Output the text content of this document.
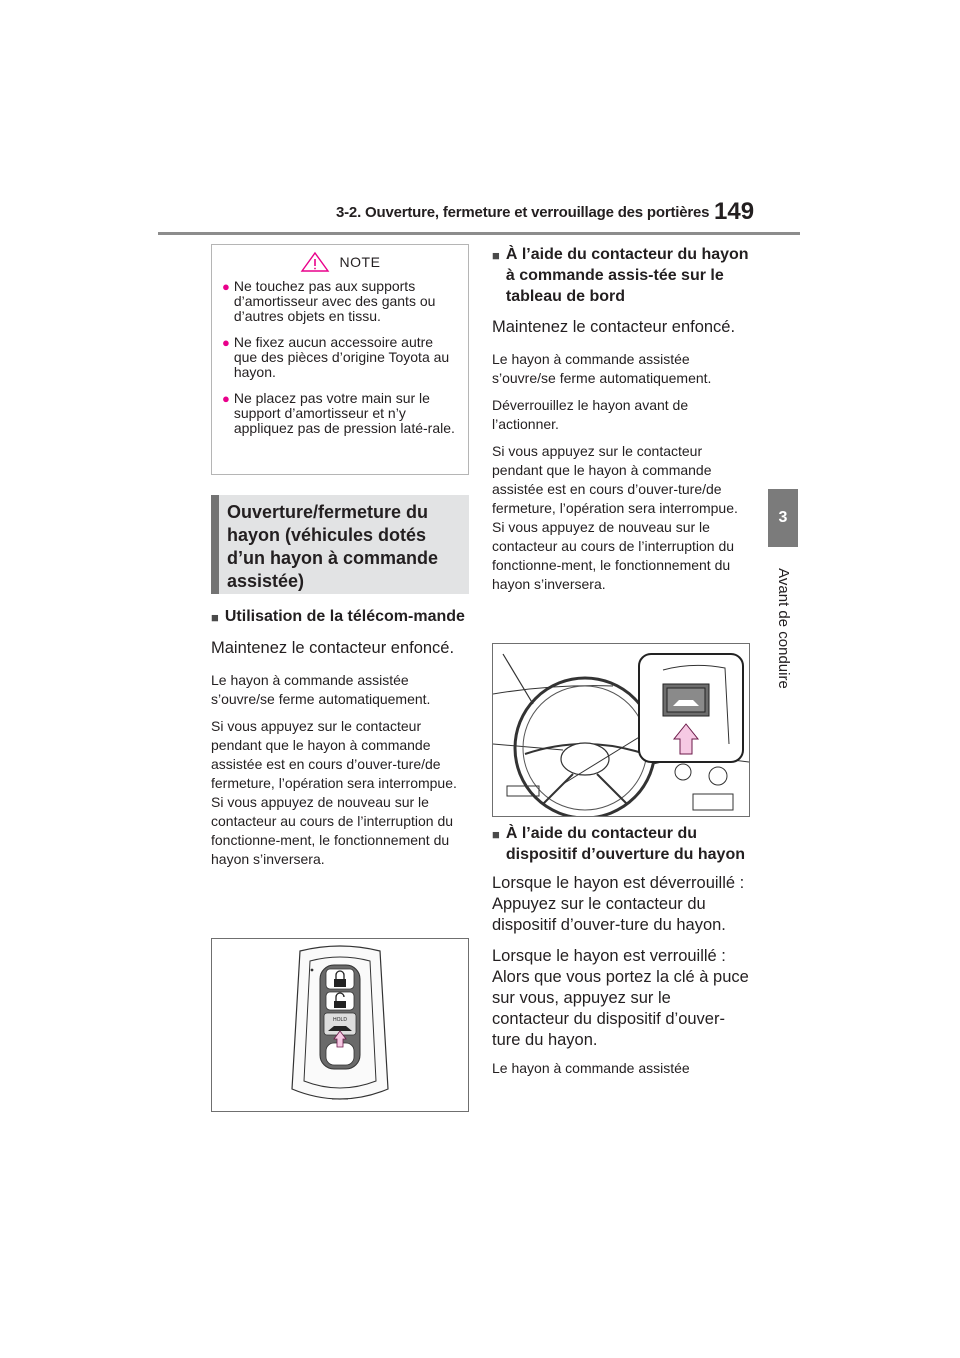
3-2. Ouverture, fermeture et verrouillage des portières 149
3
Avant de conduire
NOTE
● Ne touchez pas aux supports d’amortisseur avec des gants ou d’autres objets en tissu.
● Ne fixez aucun accessoire autre que des pièces d’origine Toyota au hayon.
● Ne placez pas votre main sur le support d’amortisseur et n’y appliquez pas de pression laté-rale.
Ouverture/fermeture du hayon (véhicules dotés d’un hayon à commande assistée)
■ Utilisation de la télécom-mande
Maintenez le contacteur enfoncé.
Le hayon à commande assistée s’ouvre/se ferme automatiquement.
Si vous appuyez sur le contacteur pendant que le hayon à commande assistée est en cours d’ouver-ture/de fermeture, l’opération sera interrompue. Si vous appuyez de nouveau sur le contacteur au cours de l’interruption du fonctionne-ment, le fonctionnement du hayon s’inversera.
HOLD
■ À l’aide du contacteur du hayon à commande assis-tée sur le tableau de bord
Maintenez le contacteur enfoncé.
Le hayon à commande assistée s’ouvre/se ferme automatiquement.
Déverrouillez le hayon avant de l’actionner.
Si vous appuyez sur le contacteur pendant que le hayon à commande assistée est en cours d’ouver-ture/de fermeture, l’opération sera interrompue. Si vous appuyez de nouveau sur le contacteur au cours de l’interruption du fonctionne-ment, le fonctionnement du hayon s’inversera.
■ À l’aide du contacteur du dispositif d’ouverture du hayon
Lorsque le hayon est déverrouillé : Appuyez sur le contacteur du dispositif d’ouver-ture du hayon.
Lorsque le hayon est verrouillé : Alors que vous portez la clé à puce sur vous, appuyez sur le contacteur du dispositif d’ouver-ture du hayon.
Le hayon à commande assistée
